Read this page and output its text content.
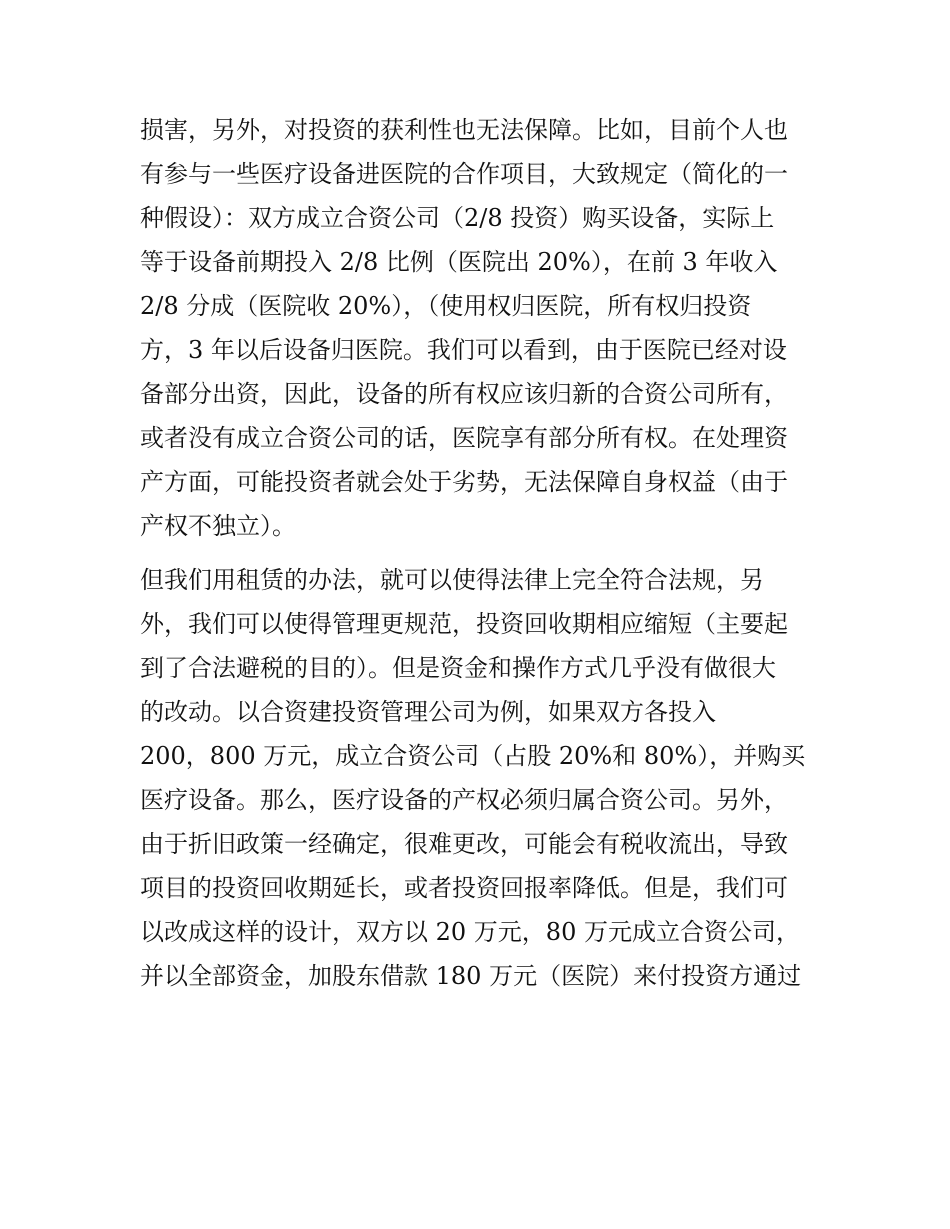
损害，另外，对投资的获利性也无法保障。比如，目前个人也

有参与一些医疗设备进医院的合作项目，大致规定（简化的一

种假设）：双方成立合资公司（2/8 投资）购买设备，实际上

等于设备前期投入 2/8 比例（医院出 20%），在前 3 年收入

2/8 分成（医院收 20%），（使用权归医院，所有权归投资

方，3 年以后设备归医院。我们可以看到，由于医院已经对设

备部分出资，因此，设备的所有权应该归新的合资公司所有，

或者没有成立合资公司的话，医院享有部分所有权。在处理资

产方面，可能投资者就会处于劣势，无法保障自身权益（由于

产权不独立）。

但我们用租赁的办法，就可以使得法律上完全符合法规，另

外，我们可以使得管理更规范，投资回收期相应缩短（主要起

到了合法避税的目的）。但是资金和操作方式几乎没有做很大

的改动。以合资建投资管理公司为例，如果双方各投入

200，800 万元，成立合资公司（占股 20%和 80%），并购买

医疗设备。那么，医疗设备的产权必须归属合资公司。另外，

由于折旧政策一经确定，很难更改，可能会有税收流出，导致

项目的投资回收期延长，或者投资回报率降低。但是，我们可

以改成这样的设计，双方以 20 万元，80 万元成立合资公司，

并以全部资金，加股东借款 180 万元（医院）来付投资方通过
